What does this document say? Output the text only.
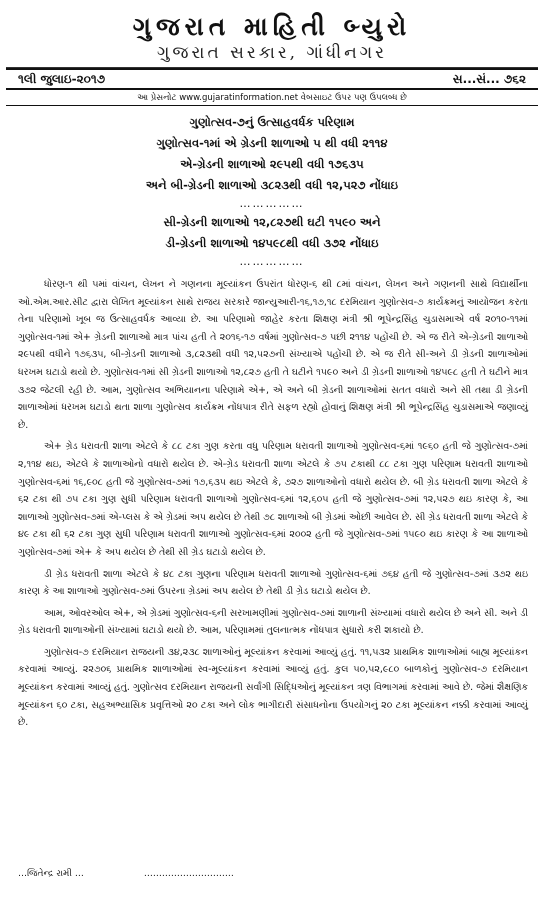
ગુજરાત માહિતી બ્યુરો
ગુજરાત સરકાર, ગાંધીનગર
૧લી જુલાઇ-૨૦૧૭	સ...સં... ૭૬૨
આ પ્રેસનોટ www.gujaratinformation.net વેબસાઇટ ઉપર પણ ઉપલબ્ધ છે
ગુણોત્સવ-૭નું ઉત્સાહવર્ધક પરિણામ
ગુણોત્સવ-૧માં એ ગ્રેડની શાળાઓ ૫ થી વધી ૨૧૧૪
એ-ગ્રેડની શાળાઓ ૨૯૫થી વધી ૧૭૬૩૫
અને બી-ગ્રેડની શાળાઓ ૩૮૨૩થી વધી ૧૨,૫૨૭ નોંધાઇ
……………
સી-ગ્રેડની શાળાઓ ૧૨,૮૨૭થી ઘટી ૧૫૯૦ અને
ડી-ગ્રેડની શાળાઓ ૧૪૫૯૮થી વધી ૩૭૨ નોંધાઇ
……………

ધોરણ-૧ થી ૫માં વાંચન, લેખન ને ગણનના મૂલ્યાંકન ઉપરાંત ધોરણ-૬ થી ૮માં વાંચન, લેખન અને ગણનની સાથે વિદ્યાર્થીના ઓ.એમ.આર.સીટ દ્વારા લેખિત મૂલ્યાંકન સાથે રાજય સરકારે જાન્યુઆરી-૧૬,૧૭,૧૮ દરમિયાન ગુણોત્સવ-૭ કાર્યક્રમનું આયોજન કરતા તેના પરિણામો ખૂબ જ ઉત્સાહવર્ધક આવ્યા છે. આ પરિણામો જાહેર કરતા શિક્ષણ મંત્રી શ્રી ભૂપેન્દ્રસિંહ ચુડાસમાએ વર્ષ ૨૦૧૦-૧૧માં ગુણોત્સવ-૧માં એ+ ગ્રેડની શાળાઓ માત્ર પાંચ હતી તે ૨૦૧૬-૧૭ વર્ષમાં ગુણોત્સવ-૭ પછી ૨૧૧૪ પહોંચી છે. એ જ રીતે એ-ગ્રેડની શાળાઓ ૨૯૫થી વધીને ૧૭૬૩૫, બી-ગ્રેડની શાળાઓ ૩,૮૨૩થી વધી ૧૨,૫૨૭ની સંખ્યાએ પહોંચી છે. એ જ રીતે સી-અને ડી ગ્રેડની શાળાઓમાં ધરખમ ઘટાડો થયો છે. ગુણોત્સવ-૧માં સી ગ્રેડની શાળાઓ ૧૨,૮૨૭ હતી તે ઘટીને ૧૫૯૦ અને ડી ગ્રેડની શાળાઓ ૧૪૫૯૮ હતી તે ઘટીને માત્ર ૩૭૨ જેટલી રહી છે. આમ, ગુણોત્સવ અભિયાનના પરિણામે એ+, એ અને બી ગ્રેડની શાળાઓમાં સતત વધારો અને સી તથા ડી ગ્રેડની શાળાઓમાં ધરખમ ઘટાડો થતા શાળા ગુણોત્સવ કાર્યક્રમ નોંધપાત્ર રીતે સફળ રહ્યો હોવાનું શિક્ષણ મંત્રી શ્રી ભૂપેન્દ્રસિંહ ચુડાસમાએ જણાવ્યું છે.

એ+ ગ્રેડ ધરાવતી શાળા એટલે કે ૮૮ ટકા ગુણ કરતા વધુ પરિણામ ધરાવતી શાળાઓ ગુણોત્સવ-૬માં ૧૯૬૦ હતી જે ગુણોત્સવ-૭માં ૨,૧૧૪ થઇ, એટલે કે શાળાઓનો વધારો થયેલ છે. એ-ગ્રેડ ધરાવતી શાળા એટલે કે ૭૫ ટકાથી ૮૮ ટકા ગુણ પરિણામ ધરાવતી શાળાઓ ગુણોત્સવ-૬માં ૧૬,૯૦૮ હતી જે ગુણોત્સવ-૭માં ૧૭,૬૩૫ થઇ એટલે કે, ૭૨૭ શાળાઓનો વધારો થયેલ છે. બી ગ્રેડ ધરાવતી શાળા એટલે કે ૬૨ ટકા થી ૭૫ ટકા ગુણ સુધી પરિણામ ધરાવતી શાળાઓ ગુણોત્સવ-૬માં ૧૨,૬૦૫ હતી જે ગુણોત્સવ-૭માં ૧૨,૫૨૭ થઇ કારણ કે, આ શાળાઓ ગુણોત્સવ-૭માં એ-પ્લસ કે એ ગ્રેડમાં અપ થયેલ છે તેથી ૭૮ શાળાઓ બી ગ્રેડમાં ઓછી આવેલ છે. સી ગ્રેડ ધરાવતી શાળા એટલે કે ૪૯ ટકા થી ૬૨ ટકા ગુણ સુધી પરિણામ ધરાવતી શાળાઓ ગુણોત્સવ-૬માં ૨૦૦૨ હતી જે ગુણોત્સવ-૭માં ૧૫૯૦ થઇ કારણ કે આ શાળાઓ ગુણોત્સવ-૭માં એ+ કે અપ થયેલ છે તેથી સી ગ્રેડ ઘટાડો થયેલ છે.

ડી ગ્રેડ ધરાવતી શાળા એટલે કે ૪૮ ટકા ગુણના પરિણામ ધરાવતી શાળાઓ ગુણોત્સવ-૬માં ૭૬૪ હતી જે ગુણોત્સવ-૭માં ૩૭૨ થઇ કારણ કે આ શાળાઓ ગુણોત્સવ-૭માં ઉપરના ગ્રેડમાં અપ થયેલ છે તેથી ડી ગ્રેડ ઘટાડો થયેલ છે.

આમ, ઓવરઓલ એ+, એ ગ્રેડમાં ગુણોત્સવ-૬ની સરખામણીમાં ગુણોત્સવ-૭માં શાળાની સંખ્યામાં વધારો થયેલ છે અને સી. અને ડી ગ્રેડ ધરાવતી શાળાઓની સંખ્યામાં ઘટાડો થયો છે. આમ, પરિણામમાં તુલનાત્મક નોંધપાત્ર સુધારો કરી શકાયો છે.

ગુણોત્સવ-૭ દરમિયાન રાજયની ૩૪,૨૩૮ શાળાઓનું મૂલ્યાંકન કરવામાં આવ્યું હતું. ૧૧,૫૩૨ પ્રાથમિક શાળાઓમાં બાહ્ય મૂલ્યાંકન કરવામાં આવ્યું. ૨૨૭૦૬ પ્રાથમિક શાળાઓમાં સ્વ-મૂલ્યાંકન કરવામાં આવ્યું હતું. કુલ ૫૦,૫૨,૯૮૦ બાળકોનું ગુણોત્સવ-૭ દરમિયાન મૂલ્યાંકન કરવામાં આવ્યું હતું. ગુણોત્સવ દરમિયાન રાજયની સર્વાંગી સિદ્ધિઓનું મૂલ્યાંકન ત્રણ વિભાગમાં કરવામાં આવે છે. જેમાં શૈક્ષણિક મૂલ્યાંકન ૬૦ ટકા, સહઅભ્યાસિક પ્રવૃત્તિઓ ૨૦ ટકા અને લોક ભાગીદારી સંસાધનોના ઉપયોગનું ૨૦ ટકા મૂલ્યાંકન નક્કી કરવામાં આવ્યું છે.

…જિતેન્દ્ર રામી …	…………………………
